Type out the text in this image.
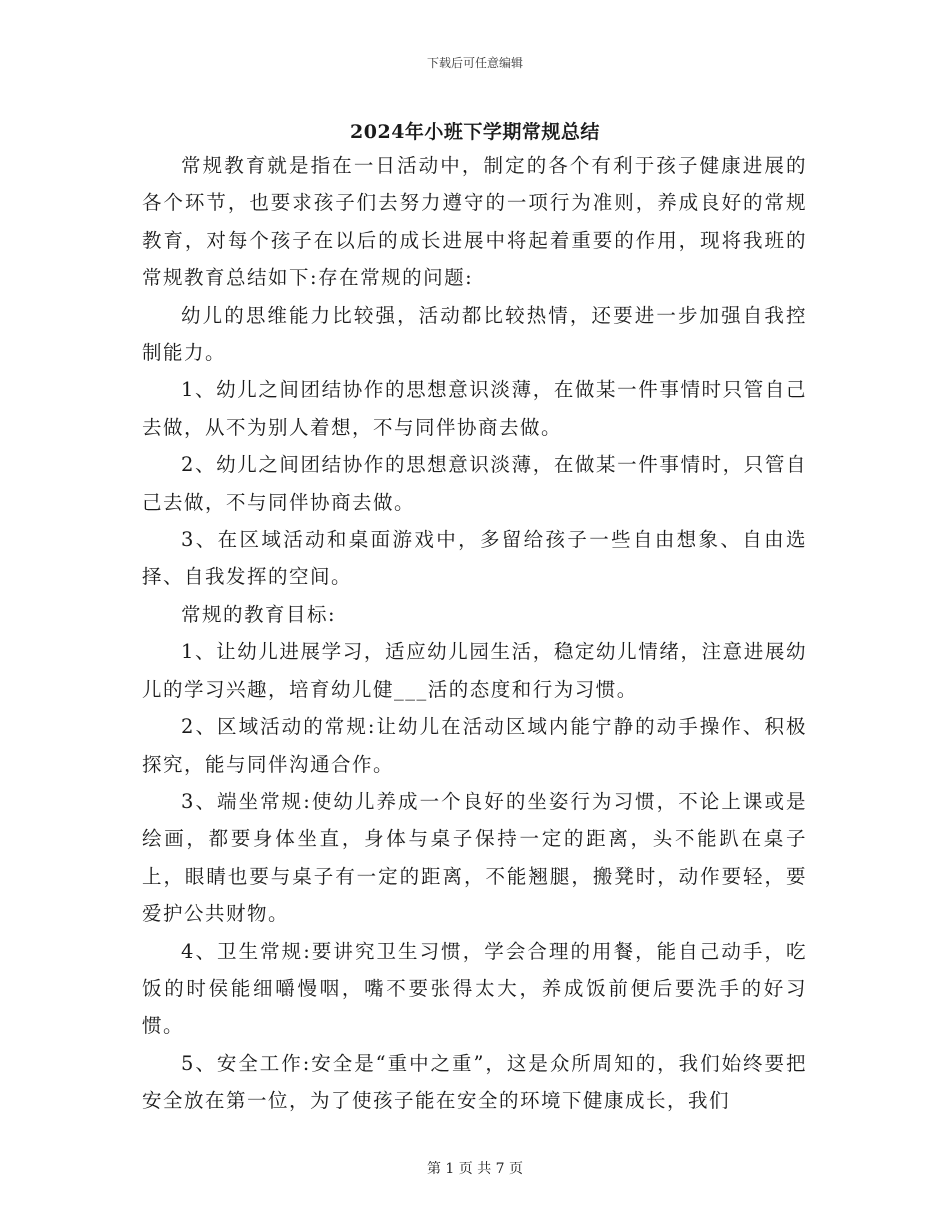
下载后可任意编辑
2024年小班下学期常规总结

常规教育就是指在一日活动中，制定的各个有利于孩子健康进展的各个环节，也要求孩子们去努力遵守的一项行为准则，养成良好的常规教育，对每个孩子在以后的成长进展中将起着重要的作用，现将我班的常规教育总结如下:存在常规的问题:

幼儿的思维能力比较强，活动都比较热情，还要进一步加强自我控制能力。

1、幼儿之间团结协作的思想意识淡薄，在做某一件事情时只管自己去做，从不为别人着想，不与同伴协商去做。

2、幼儿之间团结协作的思想意识淡薄，在做某一件事情时，只管自己去做，不与同伴协商去做。

3、在区域活动和桌面游戏中，多留给孩子一些自由想象、自由选择、自我发挥的空间。

常规的教育目标:

1、让幼儿进展学习，适应幼儿园生活，稳定幼儿情绪，注意进展幼儿的学习兴趣，培育幼儿健___活的态度和行为习惯。

2、区域活动的常规:让幼儿在活动区域内能宁静的动手操作、积极探究，能与同伴沟通合作。

3、端坐常规:使幼儿养成一个良好的坐姿行为习惯，不论上课或是绘画，都要身体坐直，身体与桌子保持一定的距离，头不能趴在桌子上，眼睛也要与桌子有一定的距离，不能翘腿，搬凳时，动作要轻，要爱护公共财物。

4、卫生常规:要讲究卫生习惯，学会合理的用餐，能自己动手，吃饭的时侯能细嚼慢咽，嘴不要张得太大，养成饭前便后要洗手的好习惯。

5、安全工作:安全是“重中之重”，这是众所周知的，我们始终要把安全放在第一位，为了使孩子能在安全的环境下健康成长，我们

第 1 页 共 7 页
